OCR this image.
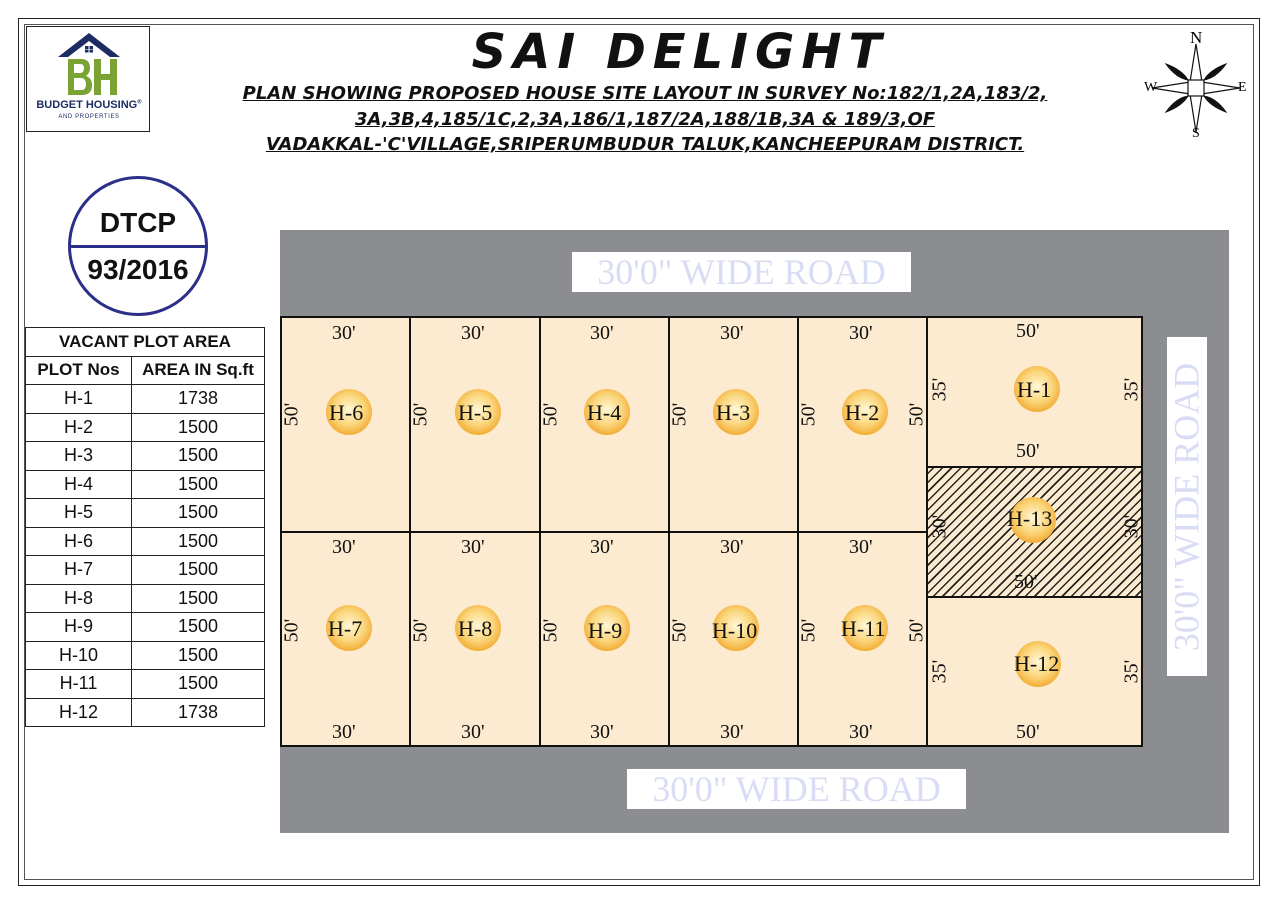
BUDGET HOUSING®
AND PROPERTIES
SAI DELIGHT
PLAN SHOWING PROPOSED HOUSE SITE LAYOUT IN SURVEY No:182/1,2A,183/2,
3A,3B,4,185/1C,2,3A,186/1,187/2A,188/1B,3A & 189/3,OF
VADAKKAL-'C'VILLAGE,SRIPERUMBUDUR TALUK,KANCHEEPURAM DISTRICT.
N
S
E
W
DTCP
93/2016
VACANT PLOT AREA	
PLOT Nos	AREA IN Sq.ft
H-1	1738
H-2	1500
H-3	1500
H-4	1500
H-5	1500
H-6	1500
H-7	1500
H-8	1500
H-9	1500
H-10	1500
H-11	1500
H-12	1738
30'0" WIDE ROAD
30'0" WIDE ROAD
30'0" WIDE ROAD
30'	30'	30'	30'	30'	50'
30'	30'	30'	30'	30'
50'
50'
30'	30'	30'	30'	30'	50'
50'	50'	50'	50'	50'	50'
35'	35'
30'	30'
50'	50'	50'	50'	50'	50'
35'	35'
H-6	H-5	H-4	H-3	H-2
H-1
H-13
H-7	H-8	H-9	H-10	H-11
H-12
